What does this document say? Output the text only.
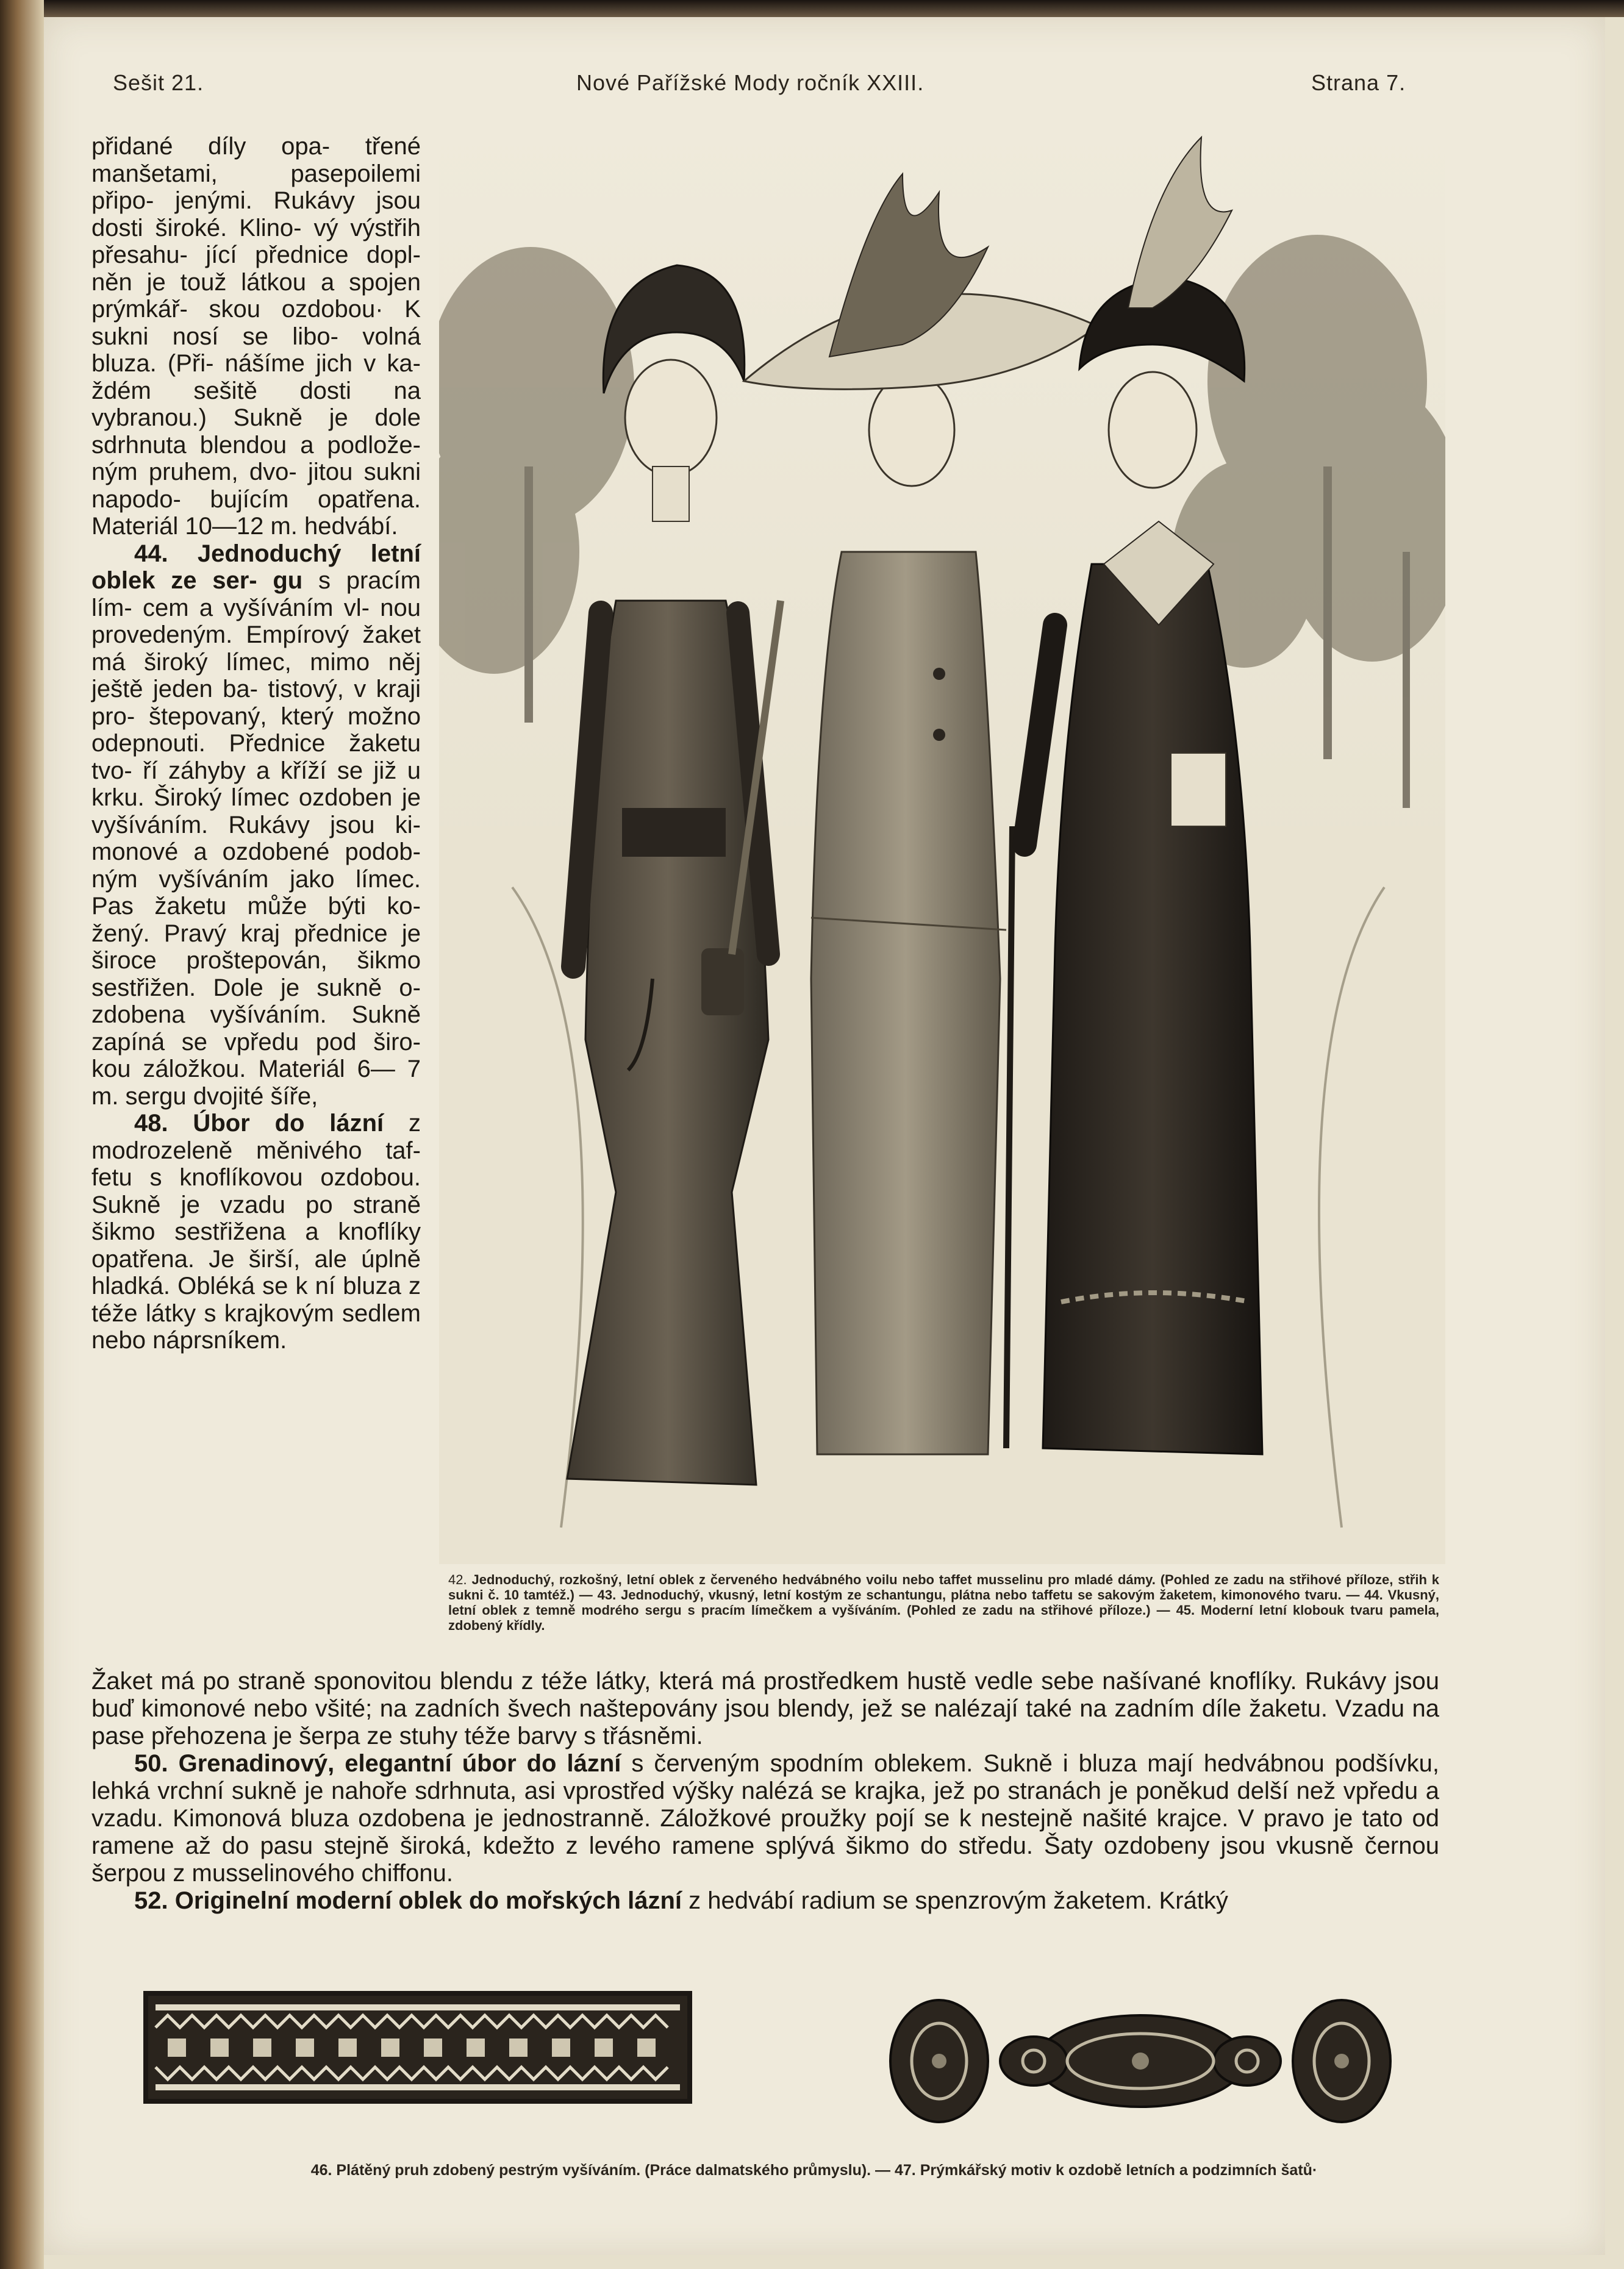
Sešit 21.	Nové Pařížské Mody ročník XXIII.	Strana 7.

přidané díly opa- třené manšetami, pasepoilemi připo- jenými. Rukávy jsou dosti široké. Klino- vý výstřih přesahu- jící přednice dopl- něn je touž látkou a spojen prýmkář- skou ozdobou· K sukni nosí se libo- volná bluza. (Při- nášíme jich v ka- ždém sešitě dosti na vybranou.) Sukně je dole sdrhnuta blendou a podlože- ným pruhem, dvo- jitou sukni napodo- bujícím opatřena. Materiál 10—12 m. hedvábí.

44. Jednoduchý letní oblek ze ser- gu s pracím lím- cem a vyšíváním vl- nou provedeným. Empírový žaket má široký límec, mimo něj ještě jeden ba- tistový, v kraji pro- štepovaný, který možno odepnouti. Přednice žaketu tvo- ří záhyby a kříží se již u krku. Široký límec ozdoben je vyšíváním. Rukávy jsou ki- monové a ozdobené podob- ným vyšíváním jako límec. Pas žaketu může býti ko- žený. Pravý kraj přednice je široce proštepován, šikmo sestřižen. Dole je sukně o- zdobena vyšíváním. Sukně zapíná se vpředu pod širo- kou záložkou. Materiál 6— 7 m. sergu dvojité šíře,

48. Úbor do lázní z modrozeleně měnivého taf- fetu s knoflíkovou ozdobou. Sukně je vzadu po straně šikmo sestřižena a knoflíky opatřena. Je širší, ale úplně hladká. Obléká se k ní bluza z téže látky s krajkovým sedlem nebo náprsníkem.

42. Jednoduchý, rozkošný, letní oblek z červeného hedvábného voilu nebo taffet musselinu pro mladé dámy. (Pohled ze zadu na střihové příloze, střih k sukni č. 10 tamtéž.) — 43. Jednoduchý, vkusný, letní kostým ze schantungu, plátna nebo taffetu se sakovým žaketem, kimonového tvaru. — 44. Vkusný, letní oblek z temně modrého sergu s pracím límečkem a vyšíváním. (Pohled ze zadu na střihové příloze.) — 45. Moderní letní klobouk tvaru pamela, zdobený křídly.

Žaket má po straně sponovitou blendu z téže látky, která má prostředkem hustě vedle sebe našívané knoflíky. Rukávy jsou buď kimonové nebo všité; na zadních švech naštepovány jsou blendy, jež se nalézají také na zadním díle žaketu. Vzadu na pase přehozena je šerpa ze stuhy téže barvy s třásněmi.

50. Grenadinový, elegantní úbor do lázní s červeným spodním oblekem. Sukně i bluza mají hedvábnou podšívku, lehká vrchní sukně je nahoře sdrhnuta, asi vprostřed výšky nalézá se krajka, jež po stranách je poněkud delší než vpředu a vzadu. Kimonová bluza ozdobena je jednostranně. Záložkové proužky pojí se k nestejně našité krajce. V pravo je tato od ramene až do pasu stejně široká, kdežto z levého ramene splývá šikmo do středu. Šaty ozdobeny jsou vkusně černou šerpou z musselinového chiffonu.

52. Originelní moderní oblek do mořských lázní z hedvábí radium se spenzrovým žaketem. Krátký

46. Plátěný pruh zdobený pestrým vyšíváním. (Práce dalmatského průmyslu). — 47. Prýmkářský motiv k ozdobě letních a podzimních šatů·
